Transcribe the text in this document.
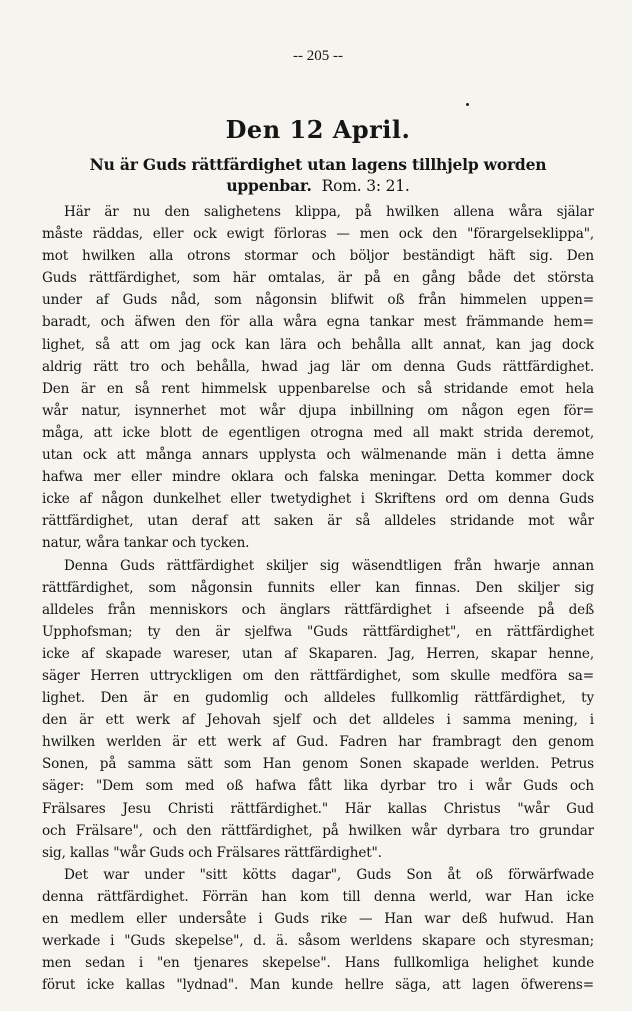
-- 205 --
Den 12 April.
Nu är Guds rättfärdighet utan lagens tillhjelp worden
uppenbar. Rom. 3: 21.
Här är nu den salighetens klippa, på hwilken allena wåra själar
måste räddas, eller ock ewigt förloras — men ock den "förargelseklippa",
mot hwilken alla otrons stormar och böljor beständigt häft sig. Den
Guds rättfärdighet, som här omtalas, är på en gång både det största
under af Guds nåd, som någonsin blifwit oß från himmelen uppen=
baradt, och äfwen den för alla wåra egna tankar mest främmande hem=
lighet, så att om jag ock kan lära och behålla allt annat, kan jag dock
aldrig rätt tro och behålla, hwad jag lär om denna Guds rättfärdighet.
Den är en så rent himmelsk uppenbarelse och så stridande emot hela
wår natur, isynnerhet mot wår djupa inbillning om någon egen för=
måga, att icke blott de egentligen otrogna med all makt strida deremot,
utan ock att många annars upplysta och wälmenande män i detta ämne
hafwa mer eller mindre oklara och falska meningar. Detta kommer dock
icke af någon dunkelhet eller twetydighet i Skriftens ord om denna Guds
rättfärdighet, utan deraf att saken är så alldeles stridande mot wår
natur, wåra tankar och tycken.
Denna Guds rättfärdighet skiljer sig wäsendtligen från hwarje annan
rättfärdighet, som någonsin funnits eller kan finnas. Den skiljer sig
alldeles från menniskors och änglars rättfärdighet i afseende på deß
Upphofsman; ty den är sjelfwa "Guds rättfärdighet", en rättfärdighet
icke af skapade wareser, utan af Skaparen. Jag, Herren, skapar henne,
säger Herren uttryckligen om den rättfärdighet, som skulle medföra sa=
lighet. Den är en gudomlig och alldeles fullkomlig rättfärdighet, ty
den är ett werk af Jehovah sjelf och det alldeles i samma mening, i
hwilken werlden är ett werk af Gud. Fadren har frambragt den genom
Sonen, på samma sätt som Han genom Sonen skapade werlden. Petrus
säger: "Dem som med oß hafwa fått lika dyrbar tro i wår Guds och
Frälsares Jesu Christi rättfärdighet." Här kallas Christus "wår Gud
och Frälsare", och den rättfärdighet, på hwilken wår dyrbara tro grundar
sig, kallas "wår Guds och Frälsares rättfärdighet".
Det war under "sitt kötts dagar", Guds Son åt oß förwärfwade
denna rättfärdighet. Förrän han kom till denna werld, war Han icke
en medlem eller undersåte i Guds rike — Han war deß hufwud. Han
werkade i "Guds skepelse", d. ä. såsom werldens skapare och styresman;
men sedan i "en tjenares skepelse". Hans fullkomliga helighet kunde
förut icke kallas "lydnad". Man kunde hellre säga, att lagen öfwerens=
